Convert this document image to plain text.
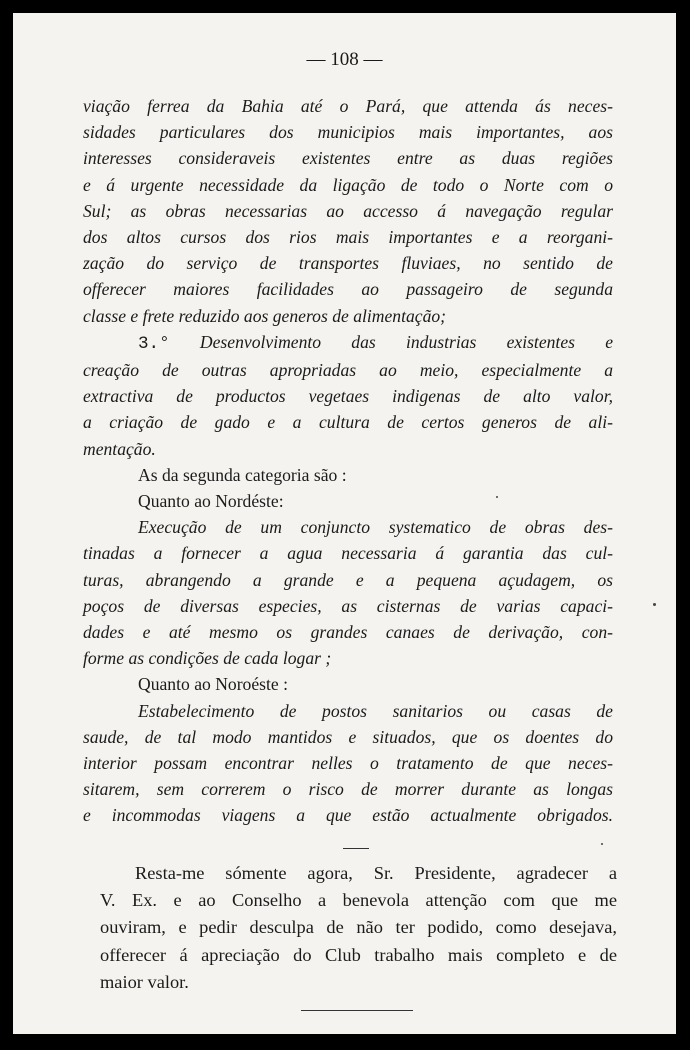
— 108 —
viação ferrea da Bahia até o Pará, que attenda ás neces-
sidades particulares dos municipios mais importantes, aos
interesses consideraveis existentes entre as duas regiões
e á urgente necessidade da ligação de todo o Norte com o
Sul; as obras necessarias ao accesso á navegação regular
dos altos cursos dos rios mais importantes e a reorgani-
zação do serviço de transportes fluviaes, no sentido de
offerecer maiores facilidades ao passageiro de segunda
classe e frete reduzido aos generos de alimentação;
3.° Desenvolvimento das industrias existentes e
creação de outras apropriadas ao meio, especialmente a
extractiva de productos vegetaes indigenas de alto valor,
a criação de gado e a cultura de certos generos de ali-
mentação.
As da segunda categoria são :
Quanto ao Nordéste:
Execução de um conjuncto systematico de obras des-
tinadas a fornecer a agua necessaria á garantia das cul-
turas, abrangendo a grande e a pequena açudagem, os
poços de diversas especies, as cisternas de varias capaci-
dades e até mesmo os grandes canaes de derivação, con-
forme as condições de cada logar ;
Quanto ao Noroéste :
Estabelecimento de postos sanitarios ou casas de
saude, de tal modo mantidos e situados, que os doentes do
interior possam encontrar nelles o tratamento de que neces-
sitarem, sem correrem o risco de morrer durante as longas
e incommodas viagens a que estão actualmente obrigados.
Resta-me sómente agora, Sr. Presidente, agradecer a
V. Ex. e ao Conselho a benevola attenção com que me
ouviram, e pedir desculpa de não ter podido, como desejava,
offerecer á apreciação do Club trabalho mais completo e de
maior valor.
